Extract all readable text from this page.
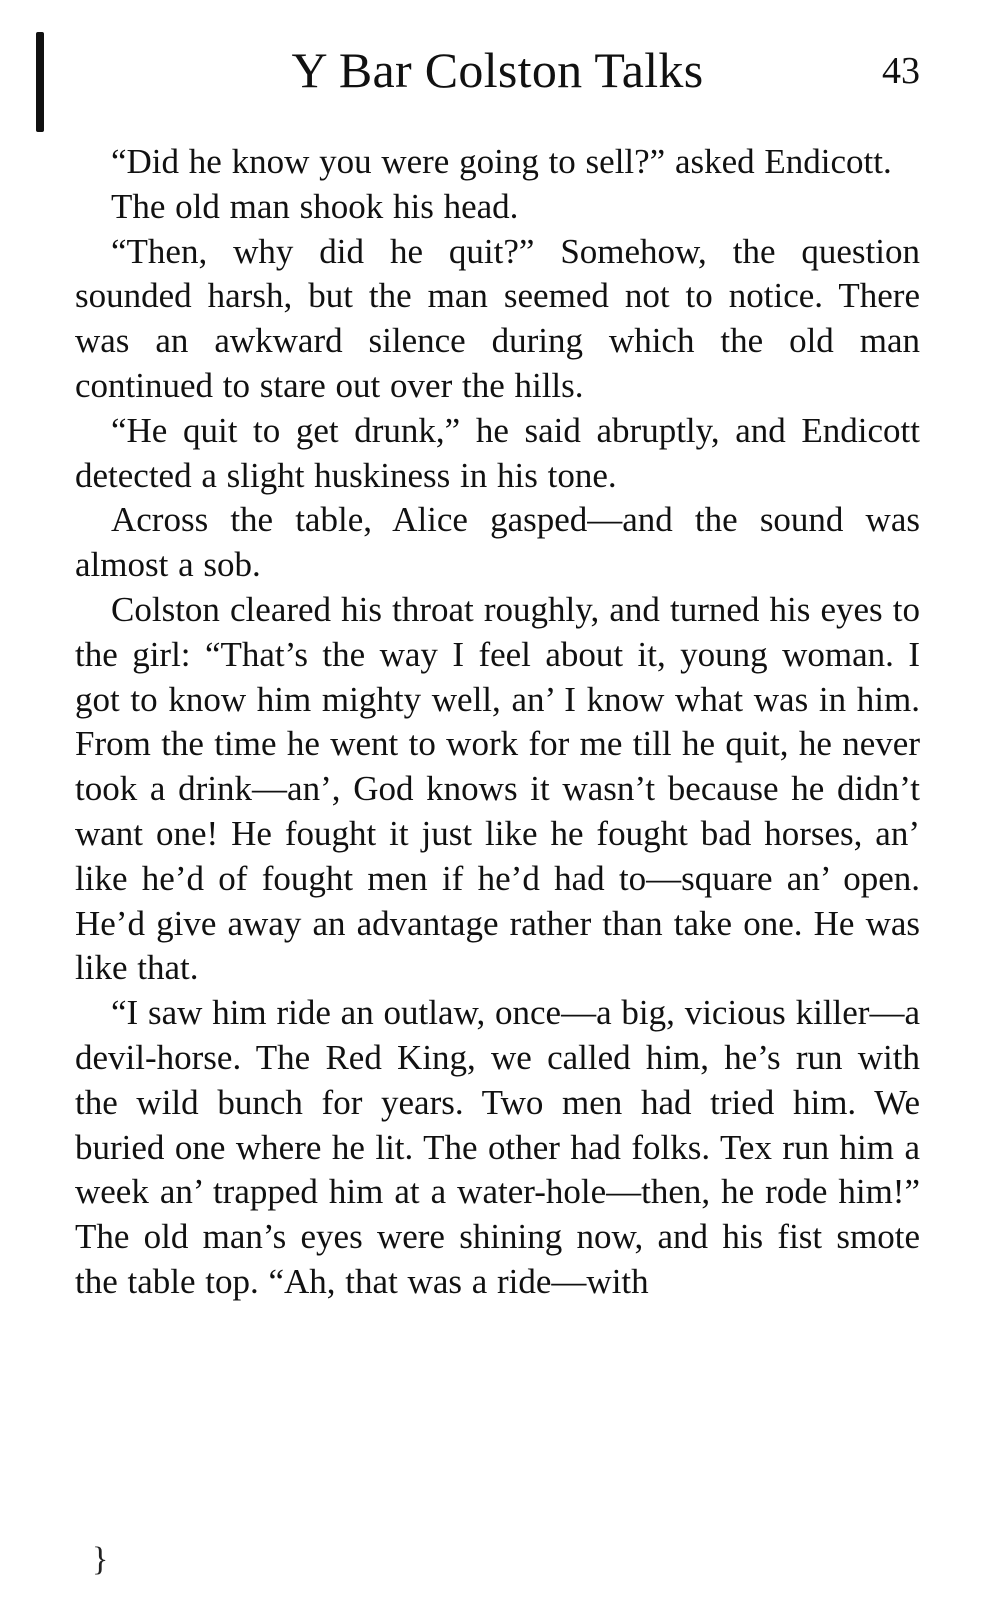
Y Bar Colston Talks	43

“Did he know you were going to sell?” asked Endicott.

The old man shook his head.

“Then, why did he quit?” Somehow, the question sounded harsh, but the man seemed not to notice. There was an awkward silence during which the old man continued to stare out over the hills.

“He quit to get drunk,” he said abruptly, and Endicott detected a slight huskiness in his tone.

Across the table, Alice gasped—and the sound was almost a sob.

Colston cleared his throat roughly, and turned his eyes to the girl: “That’s the way I feel about it, young woman. I got to know him mighty well, an’ I know what was in him. From the time he went to work for me till he quit, he never took a drink—an’, God knows it wasn’t because he didn’t want one! He fought it just like he fought bad horses, an’ like he’d of fought men if he’d had to—square an’ open. He’d give away an advantage rather than take one. He was like that.

“I saw him ride an outlaw, once—a big, vicious killer—a devil-horse. The Red King, we called him, he’s run with the wild bunch for years. Two men had tried him. We buried one where he lit. The other had folks. Tex run him a week an’ trapped him at a water-hole—then, he rode him!” The old man’s eyes were shining now, and his fist smote the table top. “Ah, that was a ride—with

}
